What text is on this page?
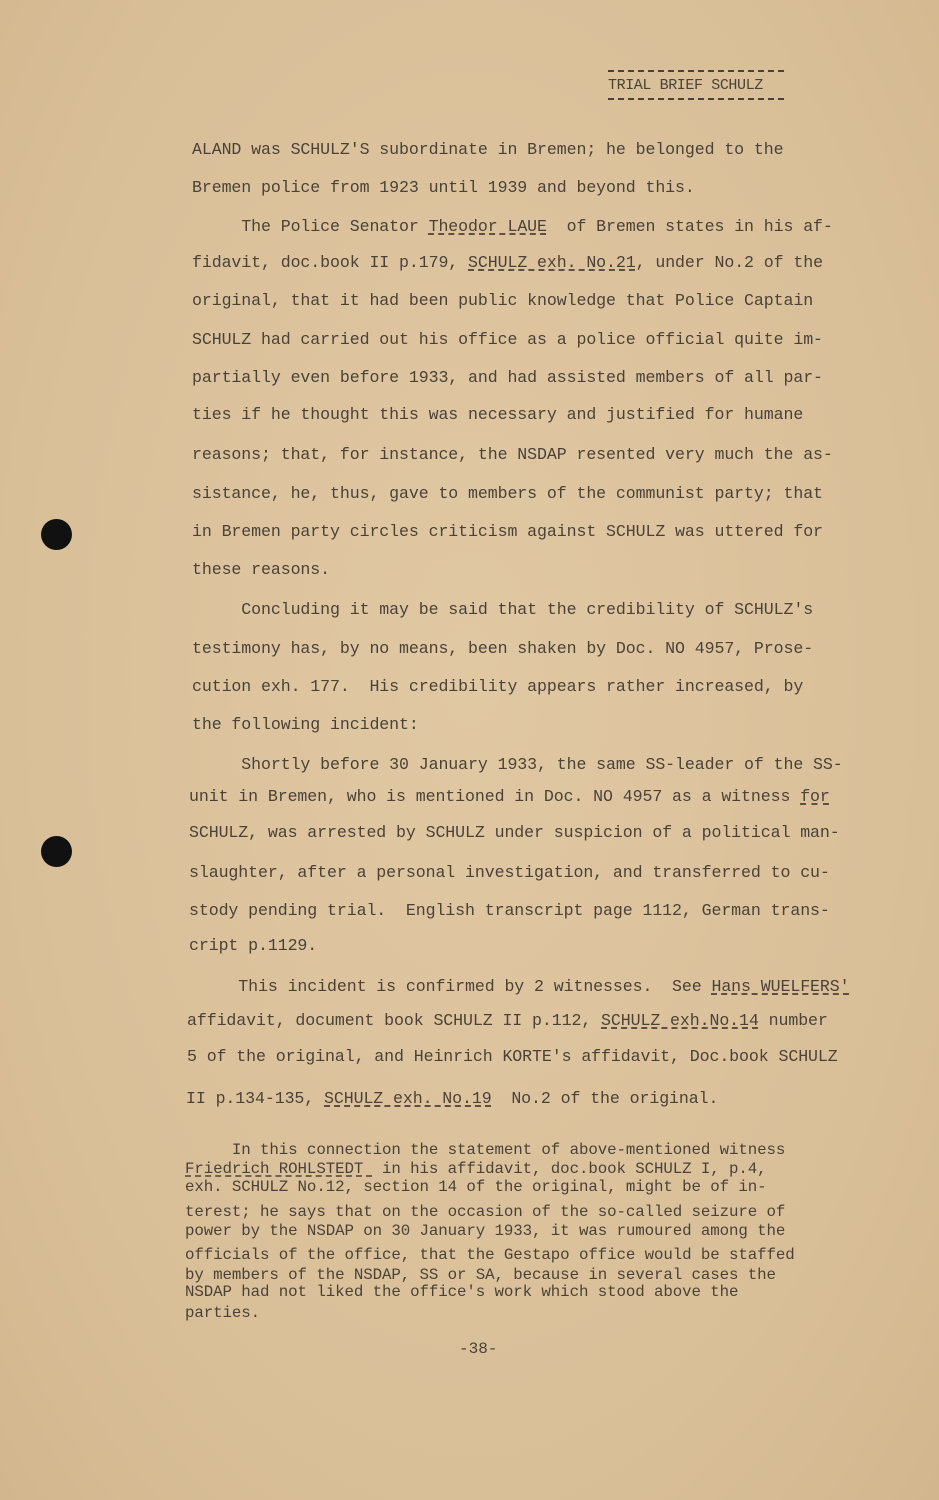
TRIAL BRIEF SCHULZ
ALAND was SCHULZ'S subordinate in Bremen; he belonged to the
Bremen police from 1923 until 1939 and beyond this.
The Police Senator Theodor LAUE  of Bremen states in his af-
fidavit, doc.book II p.179, SCHULZ exh. No.21, under No.2 of the
original, that it had been public knowledge that Police Captain
SCHULZ had carried out his office as a police official quite im-
partially even before 1933, and had assisted members of all par-
ties if he thought this was necessary and justified for humane
reasons; that, for instance, the NSDAP resented very much the as-
sistance, he, thus, gave to members of the communist party; that
in Bremen party circles criticism against SCHULZ was uttered for
these reasons.
Concluding it may be said that the credibility of SCHULZ's
testimony has, by no means, been shaken by Doc. NO 4957, Prose-
cution exh. 177.  His credibility appears rather increased, by
the following incident:
Shortly before 30 January 1933, the same SS-leader of the SS-
unit in Bremen, who is mentioned in Doc. NO 4957 as a witness for
SCHULZ, was arrested by SCHULZ under suspicion of a political man-
slaughter, after a personal investigation, and transferred to cu-
stody pending trial.  English transcript page 1112, German trans-
cript p.1129.
This incident is confirmed by 2 witnesses.  See Hans WUELFERS'
affidavit, document book SCHULZ II p.112, SCHULZ exh.No.14 number
5 of the original, and Heinrich KORTE's affidavit, Doc.book SCHULZ
II p.134-135, SCHULZ exh. No.19  No.2 of the original.
In this connection the statement of above-mentioned witness
Friedrich ROHLSTEDT  in his affidavit, doc.book SCHULZ I, p.4,
exh. SCHULZ No.12, section 14 of the original, might be of in-
terest; he says that on the occasion of the so-called seizure of
power by the NSDAP on 30 January 1933, it was rumoured among the
officials of the office, that the Gestapo office would be staffed
by members of the NSDAP, SS or SA, because in several cases the
NSDAP had not liked the office's work which stood above the
parties.
-38-
